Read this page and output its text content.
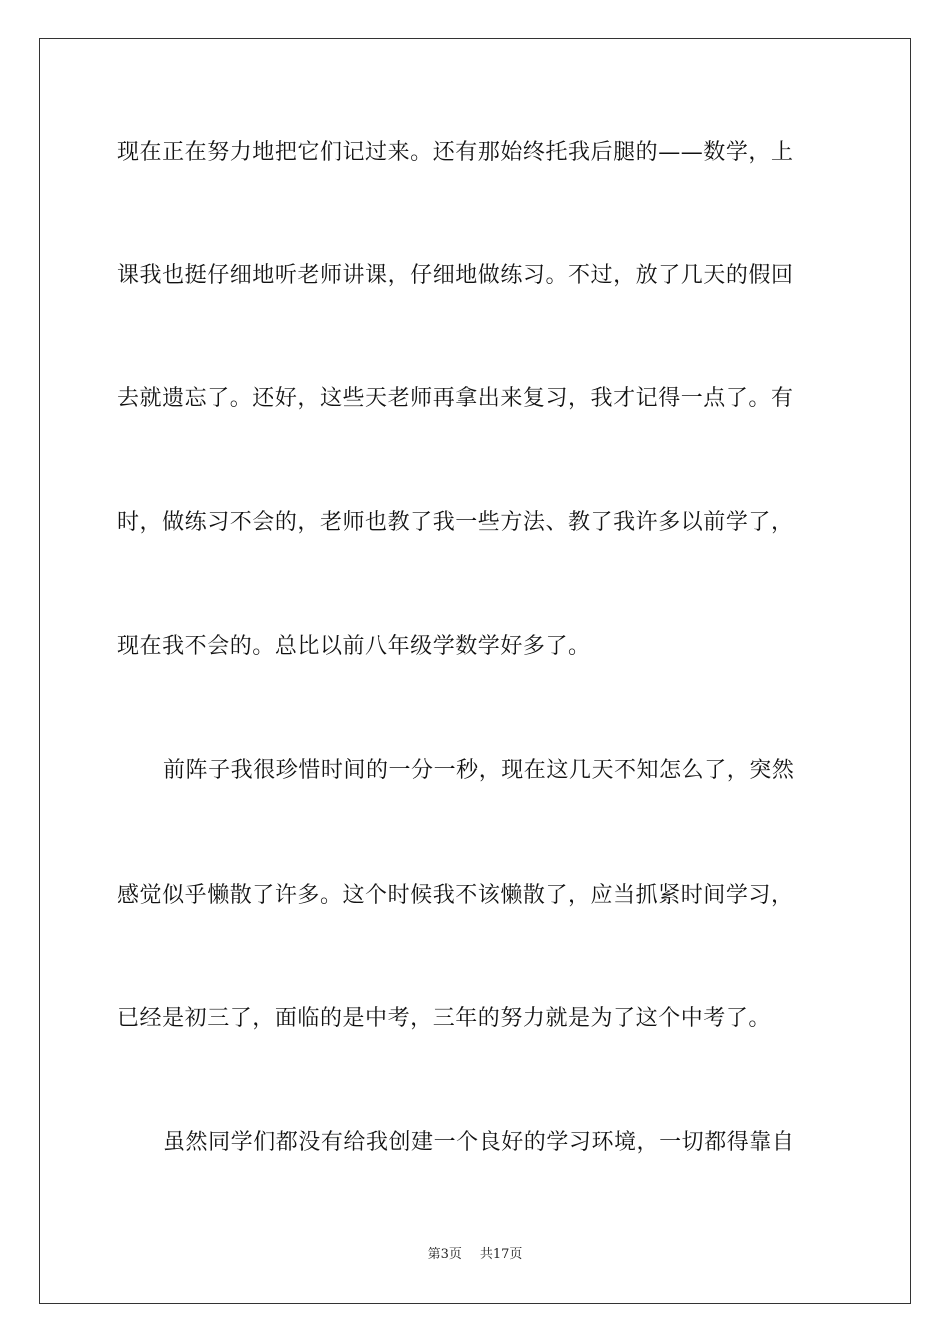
现在正在努力地把它们记过来。还有那始终托我后腿的——数学，上
课我也挺仔细地听老师讲课，仔细地做练习。不过，放了几天的假回
去就遗忘了。还好，这些天老师再拿出来复习，我才记得一点了。有
时，做练习不会的，老师也教了我一些方法、教了我许多以前学了，
现在我不会的。总比以前八年级学数学好多了。
前阵子我很珍惜时间的一分一秒，现在这几天不知怎么了，突然
感觉似乎懒散了许多。这个时候我不该懒散了，应当抓紧时间学习，
已经是初三了，面临的是中考，三年的努力就是为了这个中考了。
虽然同学们都没有给我创建一个良好的学习环境，一切都得靠自
第3页 共17页
